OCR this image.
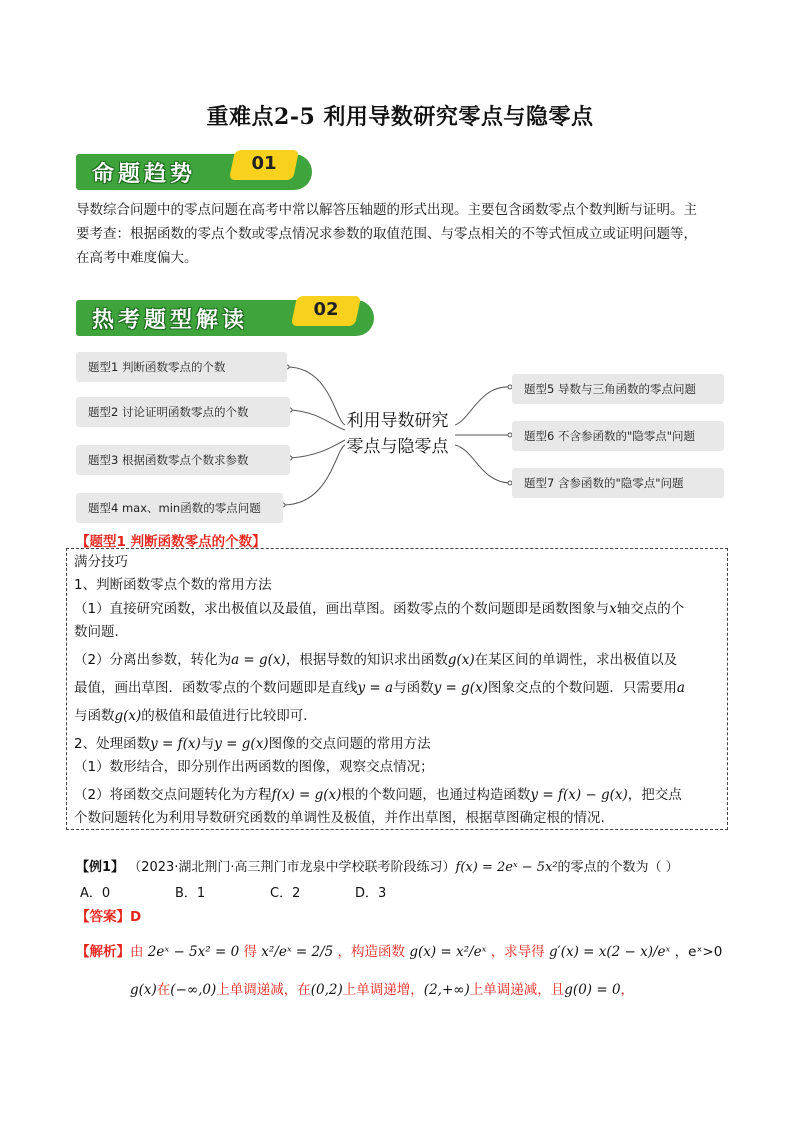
重难点2-5 利用导数研究零点与隐零点
01
命题趋势
导数综合问题中的零点问题在高考中常以解答压轴题的形式出现。主要包含函数零点个数判断与证明。主
要考查：根据函数的零点个数或零点情况求参数的取值范围、与零点相关的不等式恒成立或证明问题等，
在高考中难度偏大。
02
热考题型解读
题型1 判断函数零点的个数
题型2 讨论证明函数零点的个数
题型3 根据函数零点个数求参数
题型4 max、min函数的零点问题
利用导数研究
零点与隐零点
题型5 导数与三角函数的零点问题
题型6 不含参函数的"隐零点"问题
题型7 含参函数的"隐零点"问题
【题型1 判断函数零点的个数】
满分技巧
1、判断函数零点个数的常用方法
（1）直接研究函数，求出极值以及最值，画出草图。函数零点的个数问题即是函数图象与x轴交点的个
数问题．
（2）分离出参数，转化为a = g(x)，根据导数的知识求出函数g(x)在某区间的单调性，求出极值以及
最值，画出草图．函数零点的个数问题即是直线y = a与函数y = g(x)图象交点的个数问题．只需要用a
与函数g(x)的极值和最值进行比较即可．
2、处理函数y = f(x)与y = g(x)图像的交点问题的常用方法
（1）数形结合，即分别作出两函数的图像，观察交点情况；
（2）将函数交点问题转化为方程f(x) = g(x)根的个数问题，也通过构造函数y = f(x) − g(x)，把交点
个数问题转化为利用导数研究函数的单调性及极值，并作出草图，根据草图确定根的情况.
【例1】 （2023·湖北荆门·高三荆门市龙泉中学校联考阶段练习）f(x) = 2eˣ − 5x²的零点的个数为（ ）
A．0	B．1	C．2	D．3
【答案】D
【解析】由 2eˣ − 5x² = 0 得 x²/eˣ = 2/5 ，构造函数 g(x) = x²/eˣ ，求导得 g′(x) = x(2 − x)/eˣ ，eˣ>0
g(x)在(−∞,0)上单调递减，在(0,2)上单调递增，(2,+∞)上单调递减，且g(0) = 0，
